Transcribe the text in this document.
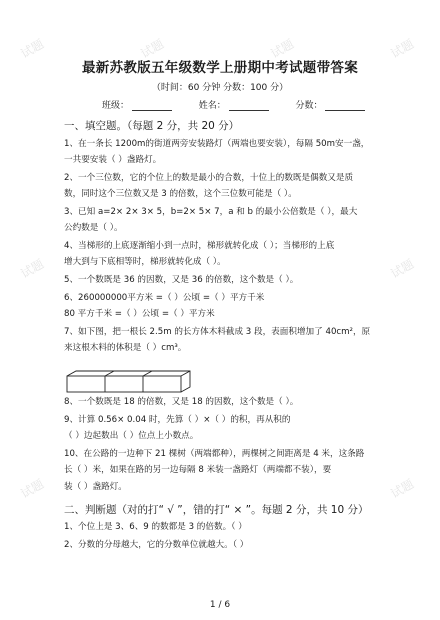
试题	试题	试题	试题
试题	试题
试题	试题
最新苏教版五年级数学上册期中考试题带答案
（时间：60 分钟 分数：100 分）
班级：	姓名：	分数：
一、填空题。（每题 2 分，共 20 分）
1、在一条长 1200m的街道两旁安装路灯（两端也要安装），每隔 50m安一盏，
一共要安装（ ）盏路灯。
2、一个三位数，它的个位上的数是最小的合数，十位上的数既是偶数又是质
数，同时这个三位数又是 3 的倍数，这个三位数可能是（ ）。
3、已知 a=2× 2× 3× 5，b=2× 5× 7，a 和 b 的最小公倍数是（ ），最大
公约数是（ ）。
4、当梯形的上底逐渐缩小到一点时，梯形就转化成（ ）；当梯形的上底
增大到与下底相等时，梯形就转化成（ ）。
5、一个数既是 36 的因数，又是 36 的倍数，这个数是（ ）。
6、260000000平方米 =（ ）公顷 =（ ）平方千米
80 平方千米 =（ ）公顷 =（ ）平方米
7、如下图，把一根长 2.5m 的长方体木料截成 3 段，表面积增加了 40cm²，原
来这根木料的体积是（ ）cm³。
8、一个数既是 18 的倍数，又是 18 的因数，这个数是（ ）。
9、计算 0.56× 0.04 时，先算（ ）×（ ）的积，再从积的
（ ）边起数出（ ）位点上小数点。
10、在公路的一边种下 21 棵树（两端都种），两棵树之间距离是 4 米，这条路
长（ ）米，如果在路的另一边每隔 8 米装一盏路灯（两端都不装），要
装（ ）盏路灯。
二、判断题（对的打“ √ ”，错的打“ × ”。每题 2 分，共 10 分）
1、个位上是 3、6、9 的数都是 3 的倍数。（ ）
2、分数的分母越大，它的分数单位就越大。（ ）
1 / 6
